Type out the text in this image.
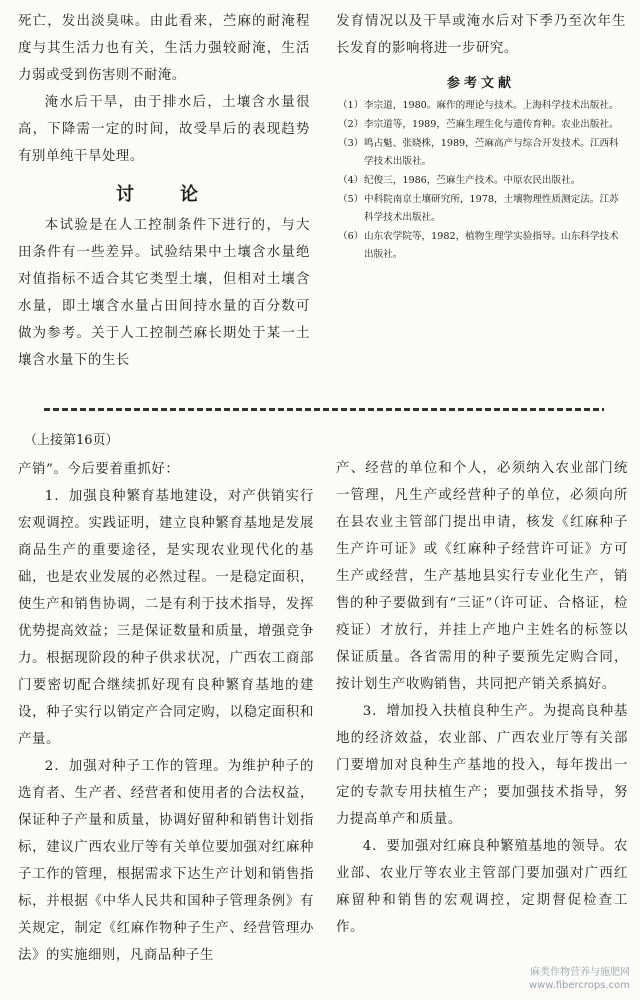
死亡，发出淡臭味。由此看来，苎麻的耐淹程度与其生活力也有关，生活力强较耐淹，生活力弱或受到伤害则不耐淹。

淹水后干旱，由于排水后，土壤含水量很高，下降需一定的时间，故受旱后的表现趋势有别单纯干旱处理。

讨　论

本试验是在人工控制条件下进行的，与大田条件有一些差异。试验结果中土壤含水量绝对值指标不适合其它类型土壤，但相对土壤含水量，即土壤含水量占田间持水量的百分数可做为参考。关于人工控制苎麻长期处于某一土壤含水量下的生长

发育情况以及干旱或淹水后对下季乃至次年生长发育的影响将进一步研究。

参考文献

（1） 李宗道，1980。麻作的理论与技术。上海科学技术出版社。
（2） 李宗道等，1989，苎麻生理生化与遗传育种。农业出版社。
（3） 鸣占魁、张晓株，1989，苎麻高产与综合开发技术。江西科学技术出版社。
（4） 纪俊三，1986，苎麻生产技术。中原农民出版社。
（5） 中科院南京土壤研究所，1978，土壤物理性质测定法。江苏科学技术出版社。
（6） 山东农学院等，1982，植物生理学实验指导。山东科学技术出版社。

（上接第16页）

产销”。今后要着重抓好：

1．加强良种繁育基地建设，对产供销实行宏观调控。实践证明，建立良种繁育基地是发展商品生产的重要途径，是实现农业现代化的基础，也是农业发展的必然过程。一是稳定面积，使生产和销售协调，二是有利于技术指导，发挥优势提高效益；三是保证数量和质量，增强竞争力。根据现阶段的种子供求状况，广西农工商部门要密切配合继续抓好现有良种繁育基地的建设，种子实行以销定产合同定购，以稳定面积和产量。

2．加强对种子工作的管理。为维护种子的选育者、生产者、经营者和使用者的合法权益，保证种子产量和质量，协调好留种和销售计划指标，建议广西农业厅等有关单位要加强对红麻种子工作的管理，根据需求下达生产计划和销售指标，并根据《中华人民共和国种子管理条例》有关规定，制定《红麻作物种子生产、经营管理办法》的实施细则，凡商品种子生

产、经营的单位和个人，必须纳入农业部门统一管理，凡生产或经营种子的单位，必须向所在县农业主管部门提出申请，核发《红麻种子生产许可证》或《红麻种子经营许可证》方可生产或经营，生产基地县实行专业化生产，销售的种子要做到有“三证”（许可证、合格证，检疫证）才放行，并挂上产地户主姓名的标签以保证质量。各省需用的种子要预先定购合同，按计划生产收购销售，共同把产销关系搞好。

3．增加投入扶植良种生产。为提高良种基地的经济效益，农业部、广西农业厅等有关部门要增加对良种生产基地的投入，每年拨出一定的专款专用扶植生产；要加强技术指导，努力提高单产和质量。

4．要加强对红麻良种繁殖基地的领导。农业部、农业厅等农业主管部门要加强对广西红麻留种和销售的宏观调控，定期督促检查工作。

麻类作物营养与施肥网
www.fibercrops.com
